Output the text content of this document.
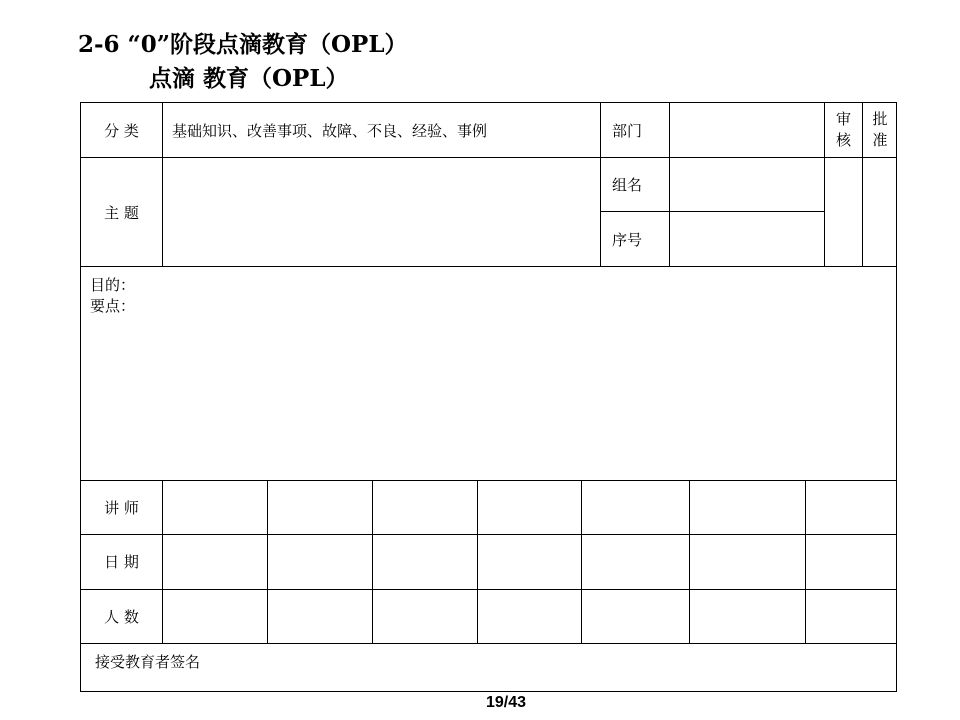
2-6 “0”阶段点滴教育（OPL）
点滴 教育（OPL）
分 类	基础知识、改善事项、故障、不良、经验、事例	部门
审
核
批
准
主 题
组名
序号
目的：
要点：
讲 师
日 期
人 数
接受教育者签名
19/43
